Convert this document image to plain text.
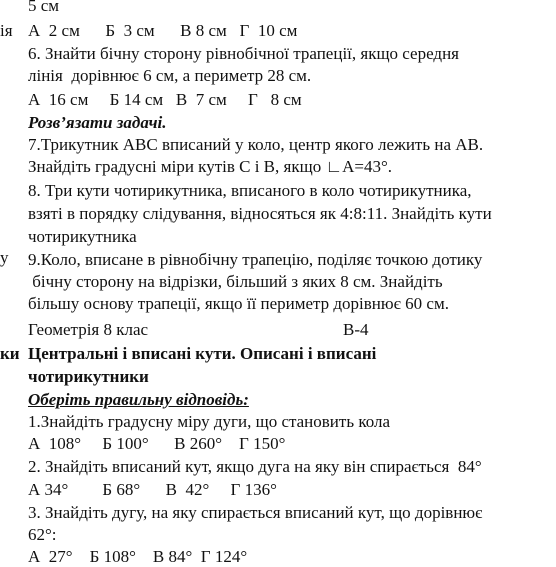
ія
у
ки
5 см
А  2 см      Б  3 см      В 8 см   Г  10 см
6. Знайти бічну сторону рівнобічної трапеції, якщо середня
лінія  дорівнює 6 см, а периметр 28 см.
А  16 см     Б 14 см   В  7 см     Г   8 см
Розв’язати задачі.
7.Трикутник АВС вписаний у коло, центр якого лежить на АВ.
Знайдіть градусні міри кутів С і В, якщо ∟А=43°.
8. Три кути чотирикутника, вписаного в коло чотирикутника,
взяті в порядку слідування, відносяться як 4:8:11. Знайдіть кути
чотирикутника
9.Коло, вписане в рівнобічну трапецію, поділяє точкою дотику
бічну сторону на відрізки, більший з яких 8 см. Знайдіть
більшу основу трапеції, якщо її периметр дорівнює 60 см.
Геометрія 8 клас	В-4
Центральні і вписані кути. Описані і вписані
чотирикутники
Оберіть правильну відповідь:
1.Знайдіть градусну міру дуги, що становить кола
А  108°     Б 100°      В 260°    Г 150°
2. Знайдіть вписаний кут, якщо дуга на яку він спирається  84°
А 34°        Б 68°      В  42°     Г 136°
3. Знайдіть дугу, на яку спирається вписаний кут, що дорівнює
62°:
А  27°    Б 108°    В 84°  Г 124°
